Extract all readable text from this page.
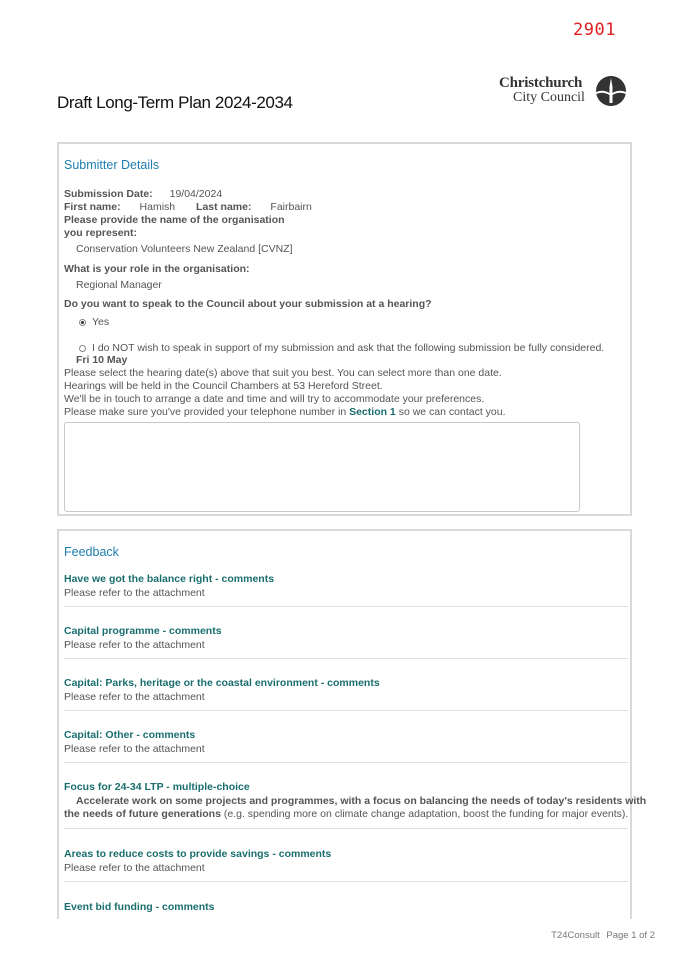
2901
Draft Long-Term Plan 2024-2034
Christchurch
City Council
Submitter Details
Submission Date: 19/04/2024
First name: Hamish Last name: Fairbairn
Please provide the name of the organisation
you represent:
Conservation Volunteers New Zealand [CVNZ]
What is your role in the organisation:
Regional Manager
Do you want to speak to the Council about your submission at a hearing?
Yes
I do NOT wish to speak in support of my submission and ask that the following submission be fully considered.
Fri 10 May
Please select the hearing date(s) above that suit you best. You can select more than one date.
Hearings will be held in the Council Chambers at 53 Hereford Street.
We'll be in touch to arrange a date and time and will try to accommodate your preferences.
Please make sure you've provided your telephone number in Section 1 so we can contact you.
Feedback
Have we got the balance right - comments
Please refer to the attachment
Capital programme - comments
Please refer to the attachment
Capital: Parks, heritage or the coastal environment - comments
Please refer to the attachment
Capital: Other - comments
Please refer to the attachment
Focus for 24-34 LTP - multiple-choice
Accelerate work on some projects and programmes, with a focus on balancing the needs of today's residents with
the needs of future generations (e.g. spending more on climate change adaptation, boost the funding for major events).
Areas to reduce costs to provide savings - comments
Please refer to the attachment
Event bid funding - comments
T24Consult Page 1 of 2
